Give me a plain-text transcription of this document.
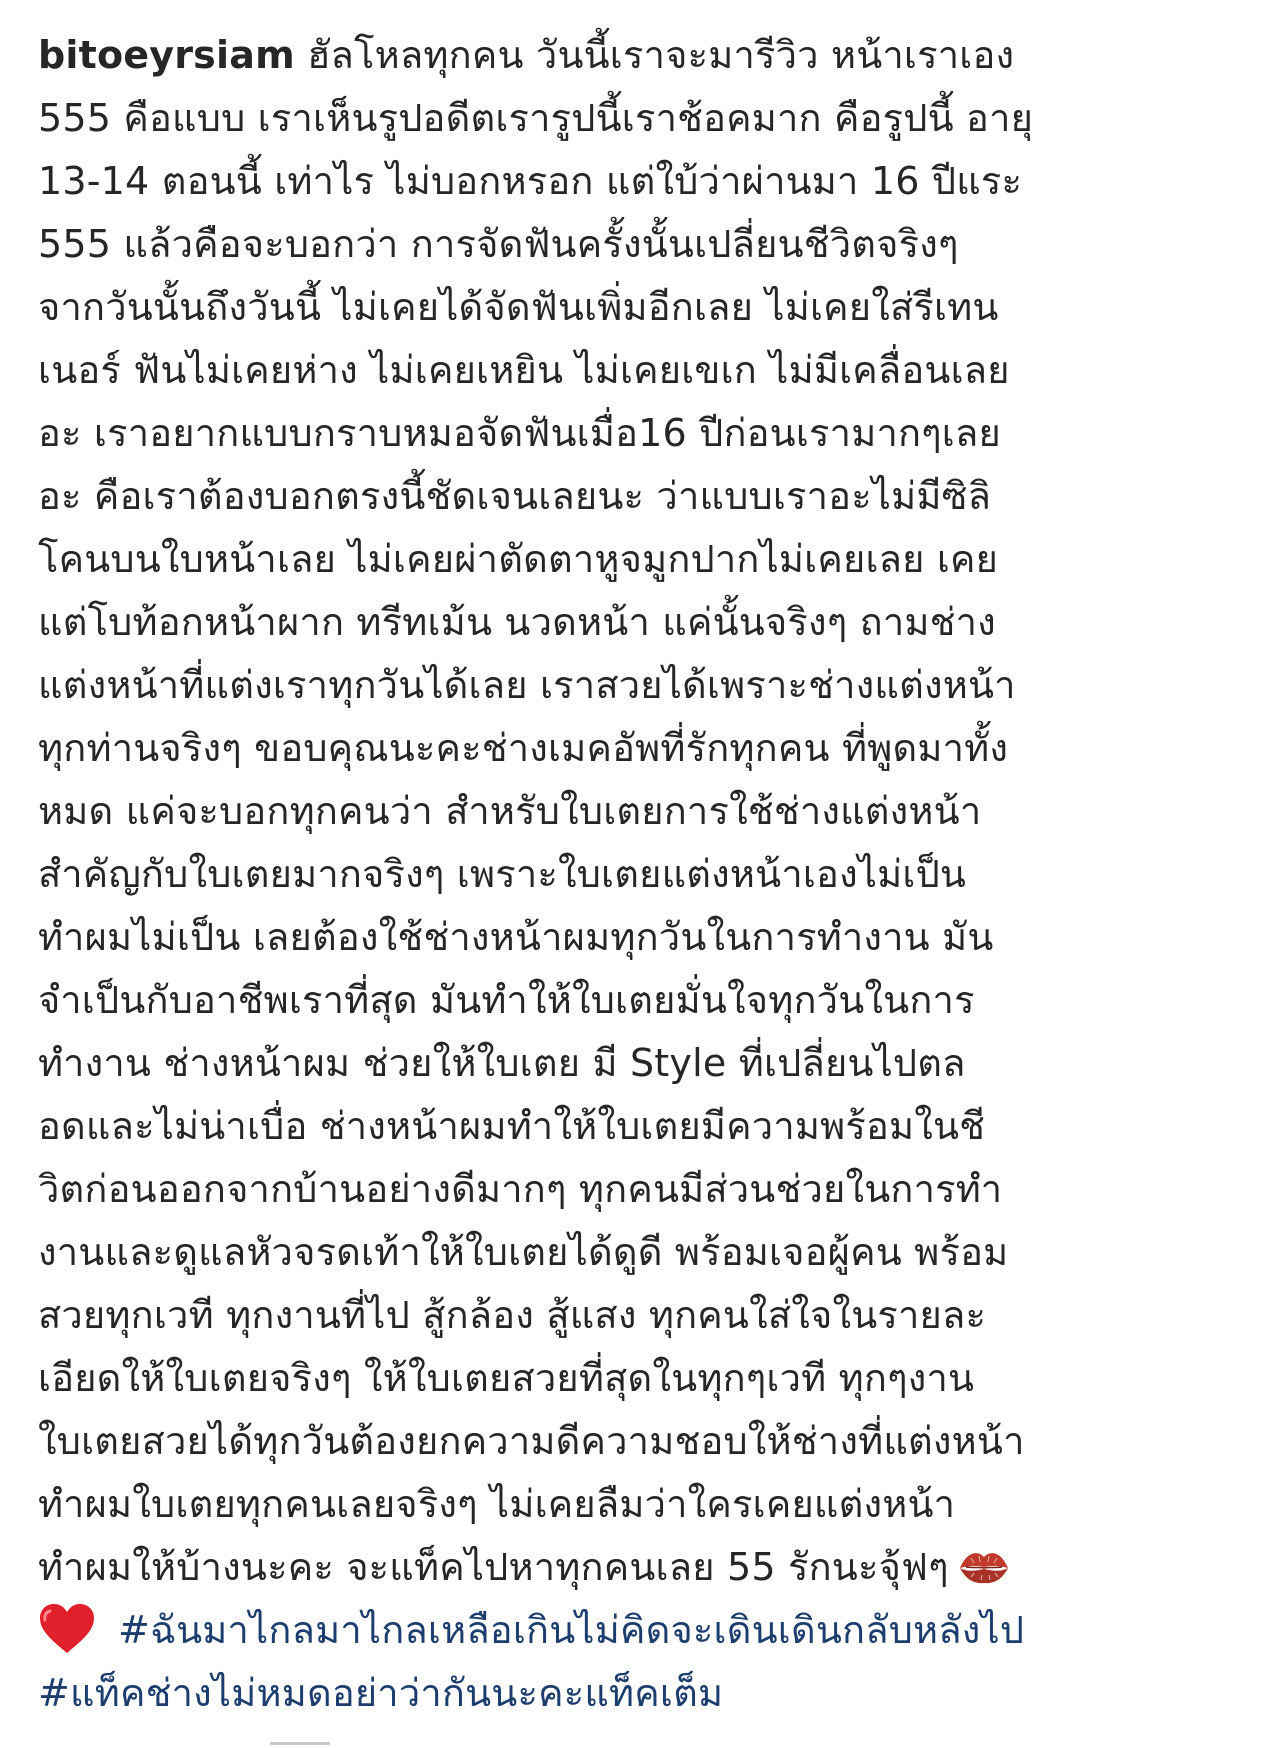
bitoeyrsiam ฮัลโหลทุกคน วันนี้เราจะมารีวิว หน้าเราเอง
555 คือแบบ เราเห็นรูปอดีตเรารูปนี้เราช้อคมาก คือรูปนี้ อายุ
13-14 ตอนนี้ เท่าไร ไม่บอกหรอก แต่ใบ้ว่าผ่านมา 16 ปีแระ
555 แล้วคือจะบอกว่า การจัดฟันครั้งนั้นเปลี่ยนชีวิตจริงๆ
จากวันนั้นถึงวันนี้ ไม่เคยได้จัดฟันเพิ่มอีกเลย ไม่เคยใส่รีเทน
เนอร์ ฟันไม่เคยห่าง ไม่เคยเหยิน ไม่เคยเขเก ไม่มีเคลื่อนเลย
อะ เราอยากแบบกราบหมอจัดฟันเมื่อ16 ปีก่อนเรามากๆเลย
อะ คือเราต้องบอกตรงนี้ชัดเจนเลยนะ ว่าแบบเราอะไม่มีซิลิ
โคนบนใบหน้าเลย ไม่เคยผ่าตัดตาหูจมูกปากไม่เคยเลย เคย
แต่โบท้อกหน้าผาก ทรีทเม้น นวดหน้า แค่นั้นจริงๆ ถามช่าง
แต่งหน้าที่แต่งเราทุกวันได้เลย เราสวยได้เพราะช่างแต่งหน้า
ทุกท่านจริงๆ ขอบคุณนะคะช่างเมคอัพที่รักทุกคน ที่พูดมาทั้ง
หมด แค่จะบอกทุกคนว่า สำหรับใบเตยการใช้ช่างแต่งหน้า
สำคัญกับใบเตยมากจริงๆ เพราะใบเตยแต่งหน้าเองไม่เป็น
ทำผมไม่เป็น เลยต้องใช้ช่างหน้าผมทุกวันในการทำงาน มัน
จำเป็นกับอาชีพเราที่สุด มันทำให้ใบเตยมั่นใจทุกวันในการ
ทำงาน ช่างหน้าผม ช่วยให้ใบเตย มี Style ที่เปลี่ยนไปตล
อดและไม่น่าเบื่อ ช่างหน้าผมทำให้ใบเตยมีความพร้อมในชี
วิตก่อนออกจากบ้านอย่างดีมากๆ ทุกคนมีส่วนช่วยในการทำ
งานและดูแลหัวจรดเท้าให้ใบเตยได้ดูดี พร้อมเจอผู้คน พร้อม
สวยทุกเวที ทุกงานที่ไป สู้กล้อง สู้แสง ทุกคนใส่ใจในรายละ
เอียดให้ใบเตยจริงๆ ให้ใบเตยสวยที่สุดในทุกๆเวที ทุกๆงาน
ใบเตยสวยได้ทุกวันต้องยกความดีความชอบให้ช่างที่แต่งหน้า
ทำผมใบเตยทุกคนเลยจริงๆ ไม่เคยลืมว่าใครเคยแต่งหน้า
ทำผมให้บ้างนะคะ จะแท็คไปหาทุกคนเลย 55 รักนะจุ้ฟๆ
#ฉันมาไกลมาไกลเหลือเกินไม่คิดจะเดินเดินกลับหลังไป
#แท็คช่างไม่หมดอย่าว่ากันนะคะแท็คเต็ม
